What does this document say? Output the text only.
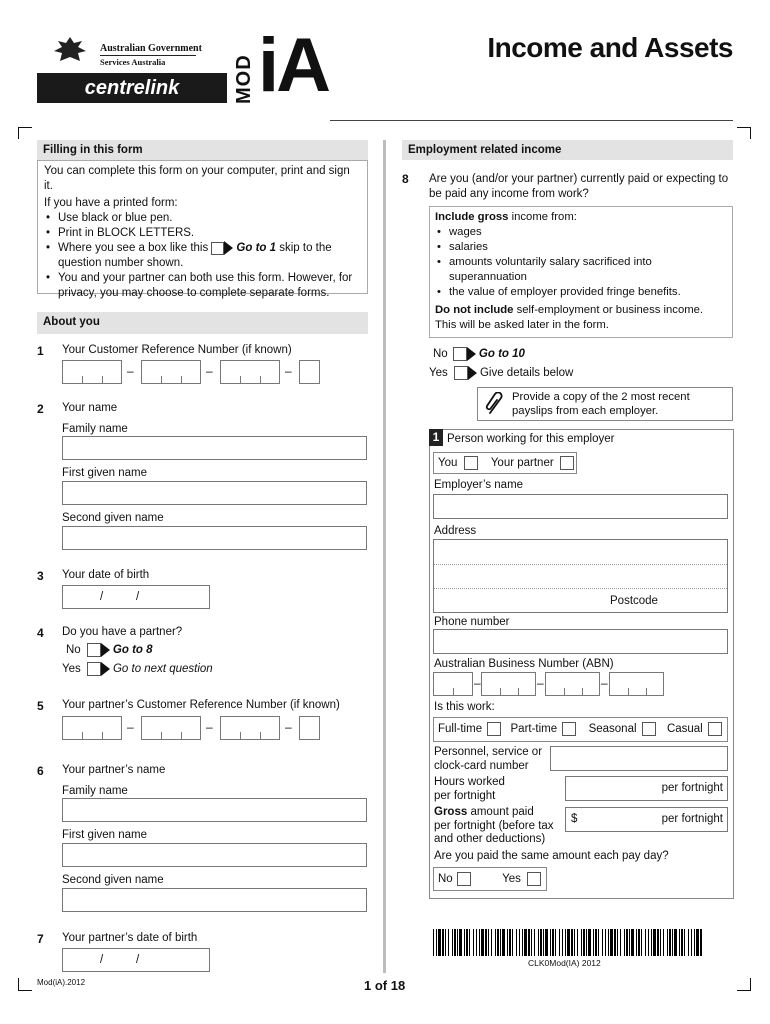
Australian Government
Services Australia
centrelink	MOD iA	Income and Assets
Filling in this form
You can complete this form on your computer, print and sign it.
If you have a printed form:
• Use black or blue pen.
• Print in BLOCK LETTERS.
• Where you see a box like this Go to 1 skip to the
question number shown.
• You and your partner can both use this form. However, for privacy, you may choose to complete separate forms.
About you
1 Your Customer Reference Number (if known)
–	–	–
2 Your name
Family name
First given name
Second given name
3 Your date of birth
/	/
4 Do you have a partner?
No	Go to 8
Yes	Go to next question
5 Your partner’s Customer Reference Number (if known)
–	–	–
6 Your partner’s name
Family name
First given name
Second given name
7 Your partner’s date of birth
/	/
Employment related income
8 Are you (and/or your partner) currently paid or expecting to be paid any income from work?
Include gross income from:
• wages
• salaries
• amounts voluntarily salary sacrificed into superannuation
• the value of employer provided fringe benefits.
Do not include self-employment or business income. This will be asked later in the form.
No	Go to 10
Yes	Give details below
Provide a copy of the 2 most recent payslips from each employer.
1 Person working for this employer
You	Your partner
Employer’s name
Address
Postcode
Phone number
Australian Business Number (ABN)
–	–	–
Is this work:
Full-time Part-time	Seasonal	Casual
Personnel, service or clock-card number
Hours worked
per fortnight
per fortnight
Gross amount paid
per fortnight (before tax
and other deductions)
$	per fortnight
Are you paid the same amount each pay day?
No	Yes
CLK0Mod(IA) 2012
Mod(iA).2012	1 of 18
